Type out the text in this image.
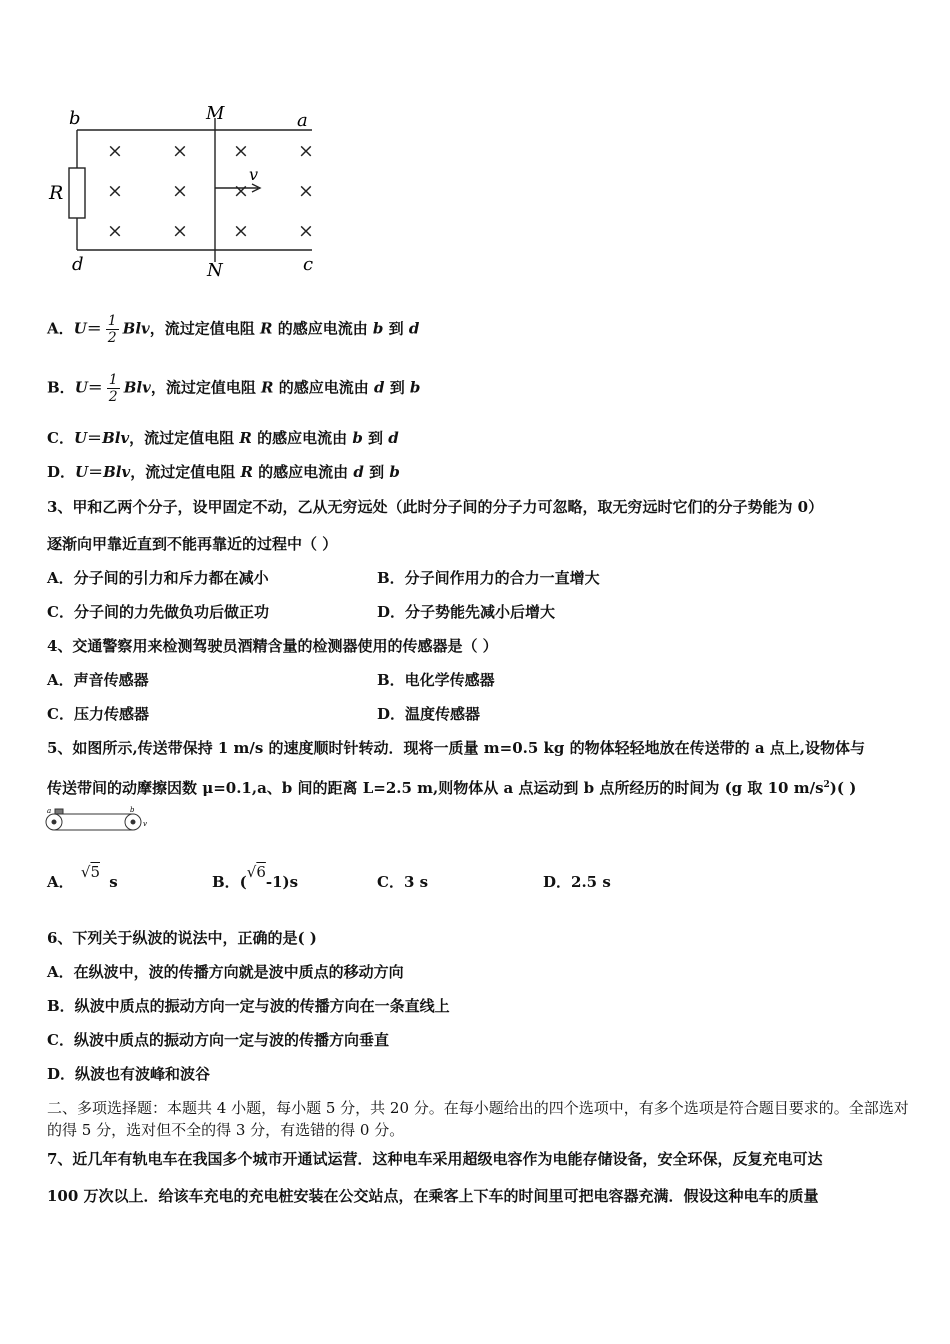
b	M	a
R
v
d	N	c
×	× ×	×
×	× ×	×
×	× ×	×
A．$U= \frac{1}{2}$ Blv，流过定值电阻 R 的感应电流由 b 到 d
B．$U= \frac{1}{2}$ Blv，流过定值电阻 R 的感应电流由 d 到 b
C．U＝Blv，流过定值电阻 R 的感应电流由 b 到 d
D．U＝Blv，流过定值电阻 R 的感应电流由 d 到 b
3、甲和乙两个分子，设甲固定不动，乙从无穷远处（此时分子间的分子力可忽略，取无穷远时它们的分子势能为 0）
逐渐向甲靠近直到不能再靠近的过程中（ ）
A．分子间的引力和斥力都在减小	B．分子间作用力的合力一直增大
C．分子间的力先做负功后做正功	D．分子势能先减小后增大
4、交通警察用来检测驾驶员酒精含量的检测器使用的传感器是（ ）
A．声音传感器	B．电化学传感器
C．压力传感器	D．温度传感器
5、如图所示,传送带保持 1 m/s 的速度顺时针转动．现将一质量 m=0.5 kg 的物体轻轻地放在传送带的 a 点上,设物体与
传送带间的动摩擦因数 μ=0.1,a、b 间的距离 L=2.5 m,则物体从 a 点运动到 b 点所经历的时间为 (g 取 10 $m/s^2$)( )
a	b
v
A． √5 s	B．(√6-1)s	C．3 s	D．2.5 s
6、下列关于纵波的说法中，正确的是( )
A．在纵波中，波的传播方向就是波中质点的移动方向
B．纵波中质点的振动方向一定与波的传播方向在一条直线上
C．纵波中质点的振动方向一定与波的传播方向垂直
D．纵波也有波峰和波谷
二、多项选择题：本题共 4 小题，每小题 5 分，共 20 分。在每小题给出的四个选项中，有多个选项是符合题目要求的。全部选对的得 5 分，选对但不全的得 3 分，有选错的得 0 分。
7、近几年有轨电车在我国多个城市开通试运营．这种电车采用超级电容作为电能存储设备，安全环保，反复充电可达
100 万次以上．给该车充电的充电桩安装在公交站点，在乘客上下车的时间里可把电容器充满．假设这种电车的质量
